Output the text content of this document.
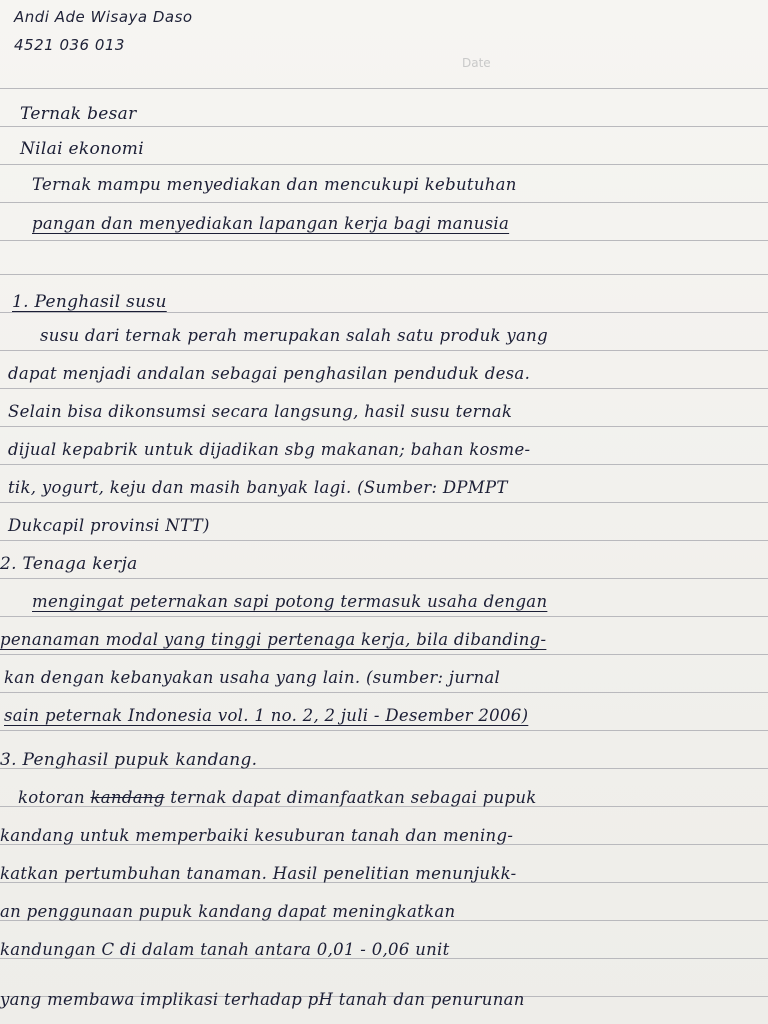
Andi Ade Wisaya Daso
4521 036 013
Date
Ternak besar
Nilai ekonomi
Ternak mampu menyediakan dan mencukupi kebutuhan
pangan dan menyediakan lapangan kerja bagi manusia
1. Penghasil susu
susu dari ternak perah merupakan salah satu produk yang
dapat menjadi andalan sebagai penghasilan penduduk desa.
Selain bisa dikonsumsi secara langsung, hasil susu ternak
dijual kepabrik untuk dijadikan sbg makanan; bahan kosme-
tik, yogurt, keju dan masih banyak lagi. (Sumber: DPMPT
Dukcapil provinsi NTT)
2. Tenaga kerja
mengingat peternakan sapi potong termasuk usaha dengan
penanaman modal yang tinggi pertenaga kerja, bila dibanding-
kan dengan kebanyakan usaha yang lain. (sumber: jurnal
sain peternak Indonesia vol. 1 no. 2, 2 juli - Desember 2006)
3. Penghasil pupuk kandang.
kotoran kandang ternak dapat dimanfaatkan sebagai pupuk
kandang untuk memperbaiki kesuburan tanah dan mening-
katkan pertumbuhan tanaman. Hasil penelitian menunjukk-
an penggunaan pupuk kandang dapat meningkatkan
kandungan C di dalam tanah antara 0,01 - 0,06 unit
yang membawa implikasi terhadap pH tanah dan penurunan
